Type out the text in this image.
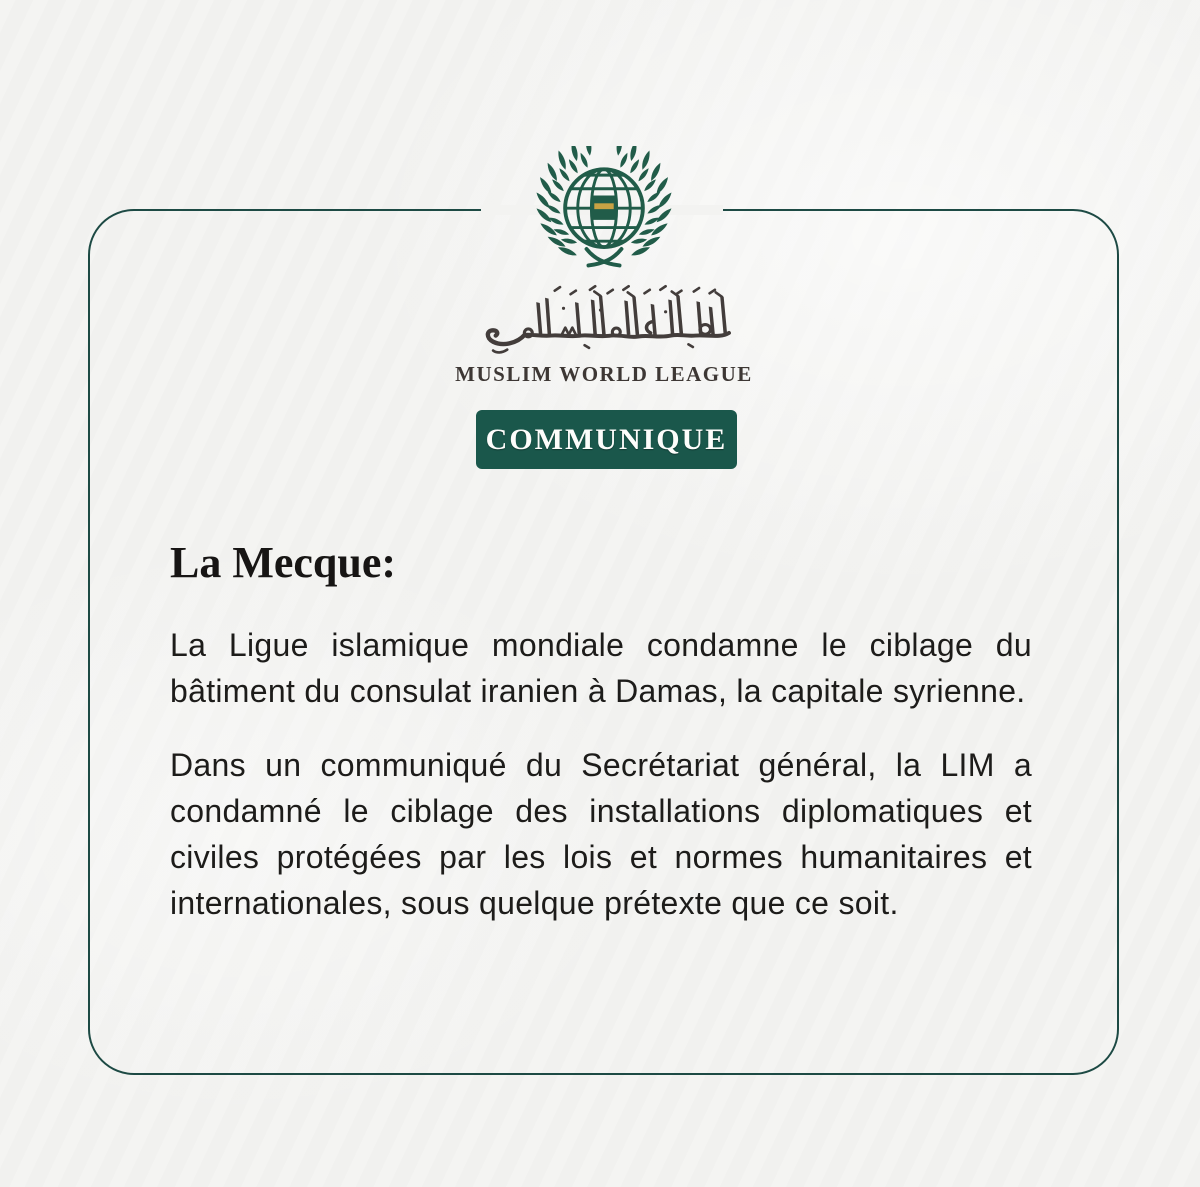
MUSLIM WORLD LEAGUE
COMMUNIQUE
La Mecque:

La Ligue islamique mondiale condamne le ciblage du bâtiment du consulat iranien à Damas, la capitale syrienne.

Dans un communiqué du Secrétariat général, la LIM a condamné le ciblage des installations diplomatiques et civiles protégées par les lois et normes humanitaires et internationales, sous quelque prétexte que ce soit.
